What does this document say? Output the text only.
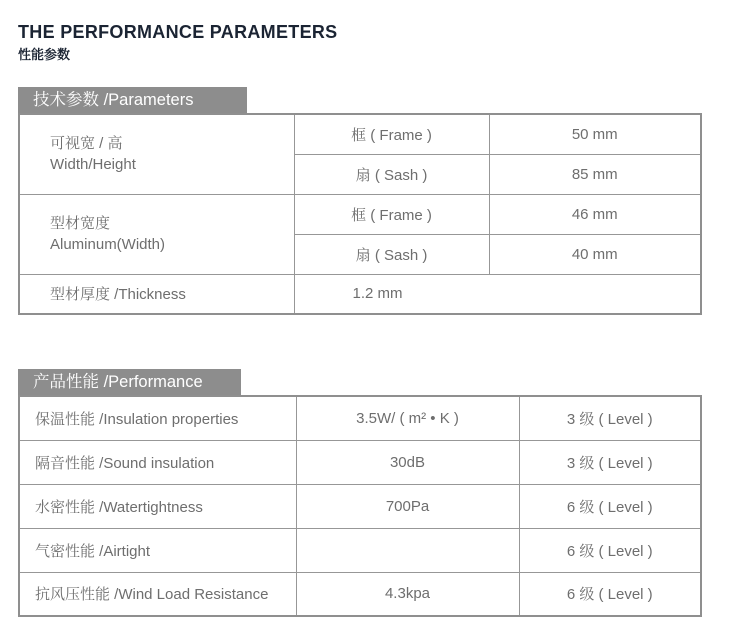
THE PERFORMANCE PARAMETERS
性能参数
技术参数 /Parameters
可视宽 / 高
Width/Height	框 ( Frame )	50 mm
	扇 ( Sash )	85 mm

型材宽度
Aluminum(Width)	框 ( Frame )	46 mm
	扇 ( Sash )	40 mm
型材厚度 /Thickness	1.2 mm	
产品性能 /Performance
保温性能 /Insulation properties	3.5W/ ( m² • K )	3 级 ( Level )
隔音性能 /Sound insulation	30dB	3 级 ( Level )
水密性能 /Watertightness	700Pa	6 级 ( Level )
气密性能 /Airtight		6 级 ( Level )
抗风压性能 /Wind Load Resistance	4.3kpa	6 级 ( Level )
